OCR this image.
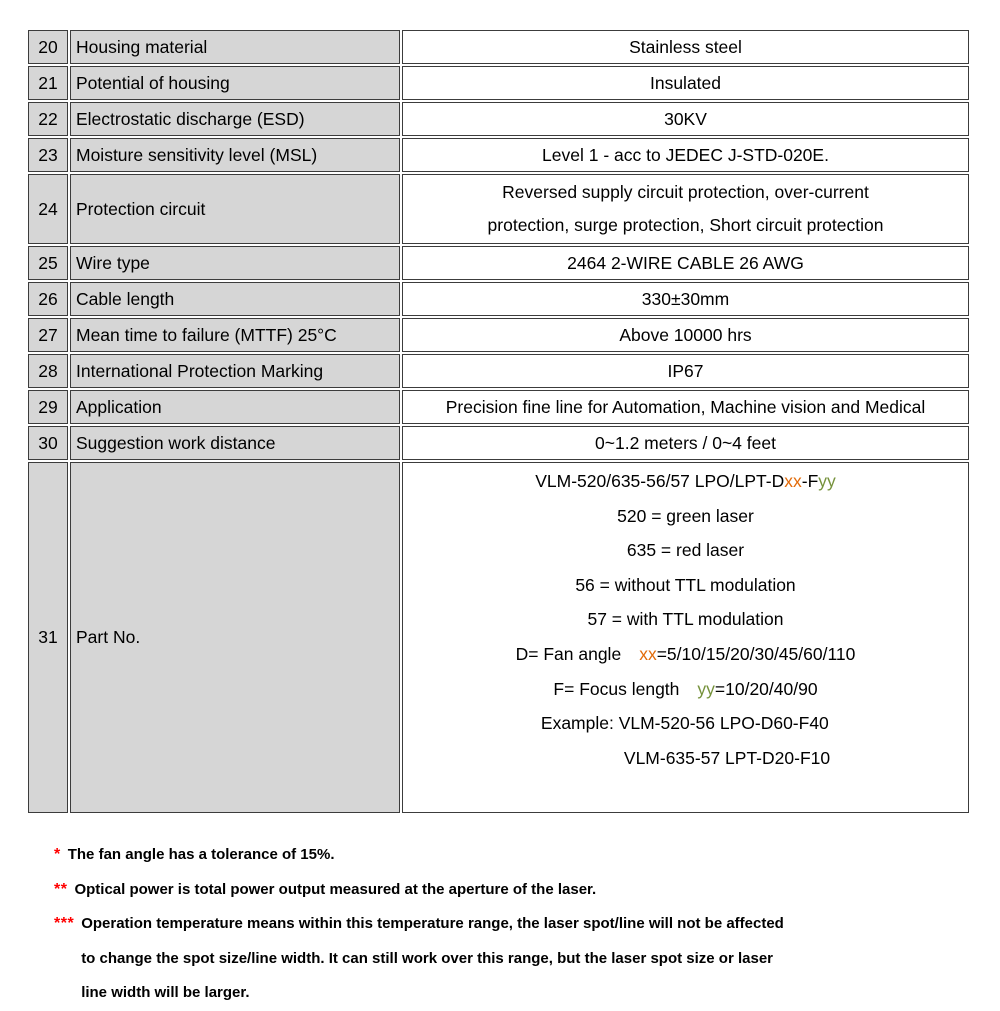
20	Housing material	Stainless steel
21	Potential of housing	Insulated
22	Electrostatic discharge (ESD)	30KV
23	Moisture sensitivity level (MSL)	Level 1 - acc to JEDEC J-STD-020E.
24	Protection circuit	Reversed supply circuit protection, over-current
protection, surge protection, Short circuit protection

25	Wire type	2464 2-WIRE CABLE 26 AWG
26	Cable length	330±30mm
27	Mean time to failure (MTTF) 25°C	Above 10000 hrs
28	International Protection Marking	IP67
29	Application	Precision fine line for Automation, Machine vision and Medical
30	Suggestion work distance	0~1.2 meters / 0~4 feet
31	Part No.	
VLM-520/635-56/57 LPO/LPT-Dxx-Fyy
520 = green laser
635 = red laser
56 = without TTL modulation
57 = with TTL modulation
D= Fan angle xx=5/10/15/20/30/45/60/110
F= Focus length yy=10/20/40/90
Example: VLM-520-56 LPO-D60-F40
VLM-635-57 LPT-D20-F10
* The fan angle has a tolerance of 15%.
** Optical power is total power output measured at the aperture of the laser.
*** Operation temperature means within this temperature range, the laser spot/line will not be affected
to change the spot size/line width. It can still work over this range, but the laser spot size or laser
line width will be larger.
